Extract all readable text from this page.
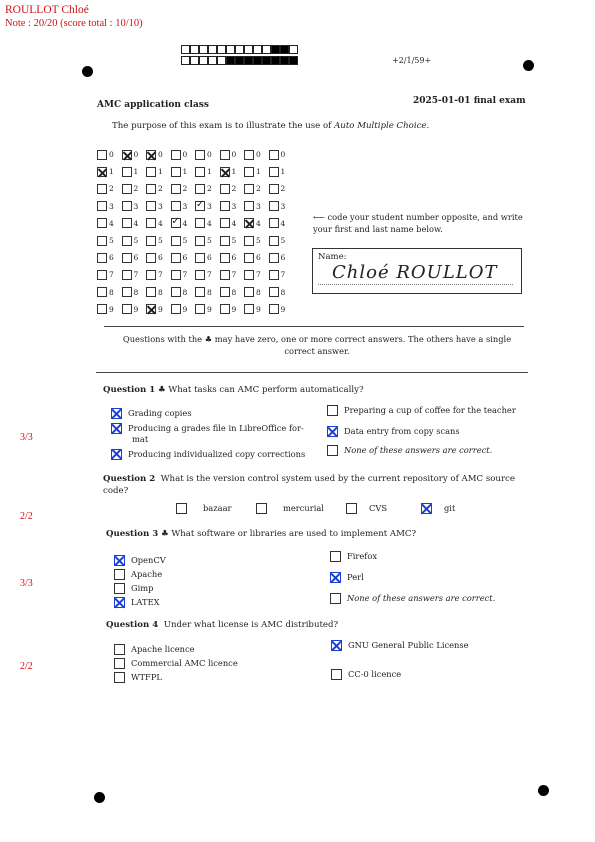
ROULLOT Chloé
Note : 20/20 (score total : 10/10)
+2/1/59+
AMC application class	2025-01-01 final exam
The purpose of this exam is to illustrate the use of Auto Multiple Choice.
0	0	0	0	0	0	0	0
1	1	1	1	1	1	1	1
2	2	2	2	2	2	2	2
3	3	3	3 ✓	3	3	3	3
4	4	4 ✓	4	4	4	4	4
5	5	5	5	5	5	5	5
6	6	6	6	6	6	6	6
7	7	7	7	7	7	7	7
8	8	8	8	8	8	8	8
9	9	9	9	9	9	9	9
⟵ code your student number opposite, and write your first and last name below.
Name:
Chloé ROULLOT
Questions with the ♣ may have zero, one or more correct answers. The others have a single
correct answer.
3/3
Question 1 ♣ What tasks can AMC perform automatically?
Grading copies
Producing a grades file in LibreOffice for-
mat
Producing individualized copy corrections
Preparing a cup of coffee for the teacher
Data entry from copy scans
None of these answers are correct.
2/2
Question 2 What is the version control system used by the current repository of AMC source
code?
bazaar	mercurial	CVS	git
3/3
Question 3 ♣ What software or libraries are used to implement AMC?
OpenCV
Apache
Gimp
LATEX
Firefox
Perl
None of these answers are correct.
2/2
Question 4 Under what license is AMC distributed?
Apache licence
Commercial AMC licence
WTFPL
GNU General Public License
CC-0 licence
